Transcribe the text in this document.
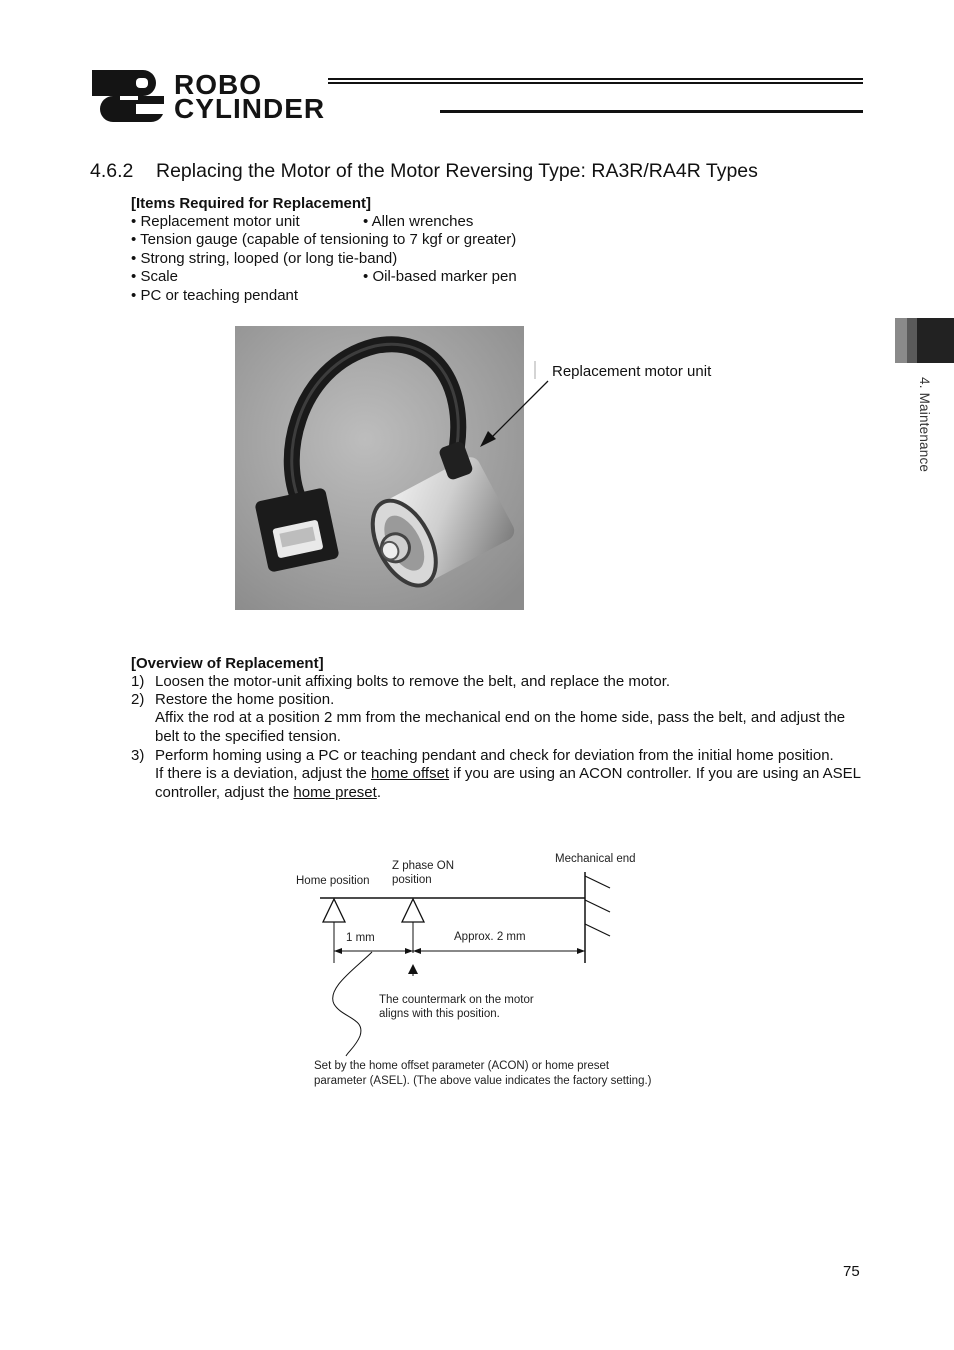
ROBO
CYLINDER
4. Maintenance
4.6.2 Replacing the Motor of the Motor Reversing Type: RA3R/RA4R Types
[Items Required for Replacement]
• Replacement motor unit	• Allen wrenches
• Tension gauge (capable of tensioning to 7 kgf or greater)
• Strong string, looped (or long tie-band)
• Scale	• Oil-based marker pen
• PC or teaching pendant
Replacement motor unit
[Overview of Replacement]
1) Loosen the motor-unit affixing bolts to remove the belt, and replace the motor.
2) Restore the home position.
Affix the rod at a position 2 mm from the mechanical end on the home side, pass the belt, and adjust the belt to the specified tension.
3) Perform homing using a PC or teaching pendant and check for deviation from the initial home position.
If there is a deviation, adjust the home offset if you are using an ACON controller. If you are using an ASEL controller, adjust the home preset.
Home position
Z phase ON
position
Mechanical end
1 mm	Approx. 2 mm
The countermark on the motor
aligns with this position.
Set by the home offset parameter (ACON) or home preset
parameter (ASEL). (The above value indicates the factory setting.)
75
